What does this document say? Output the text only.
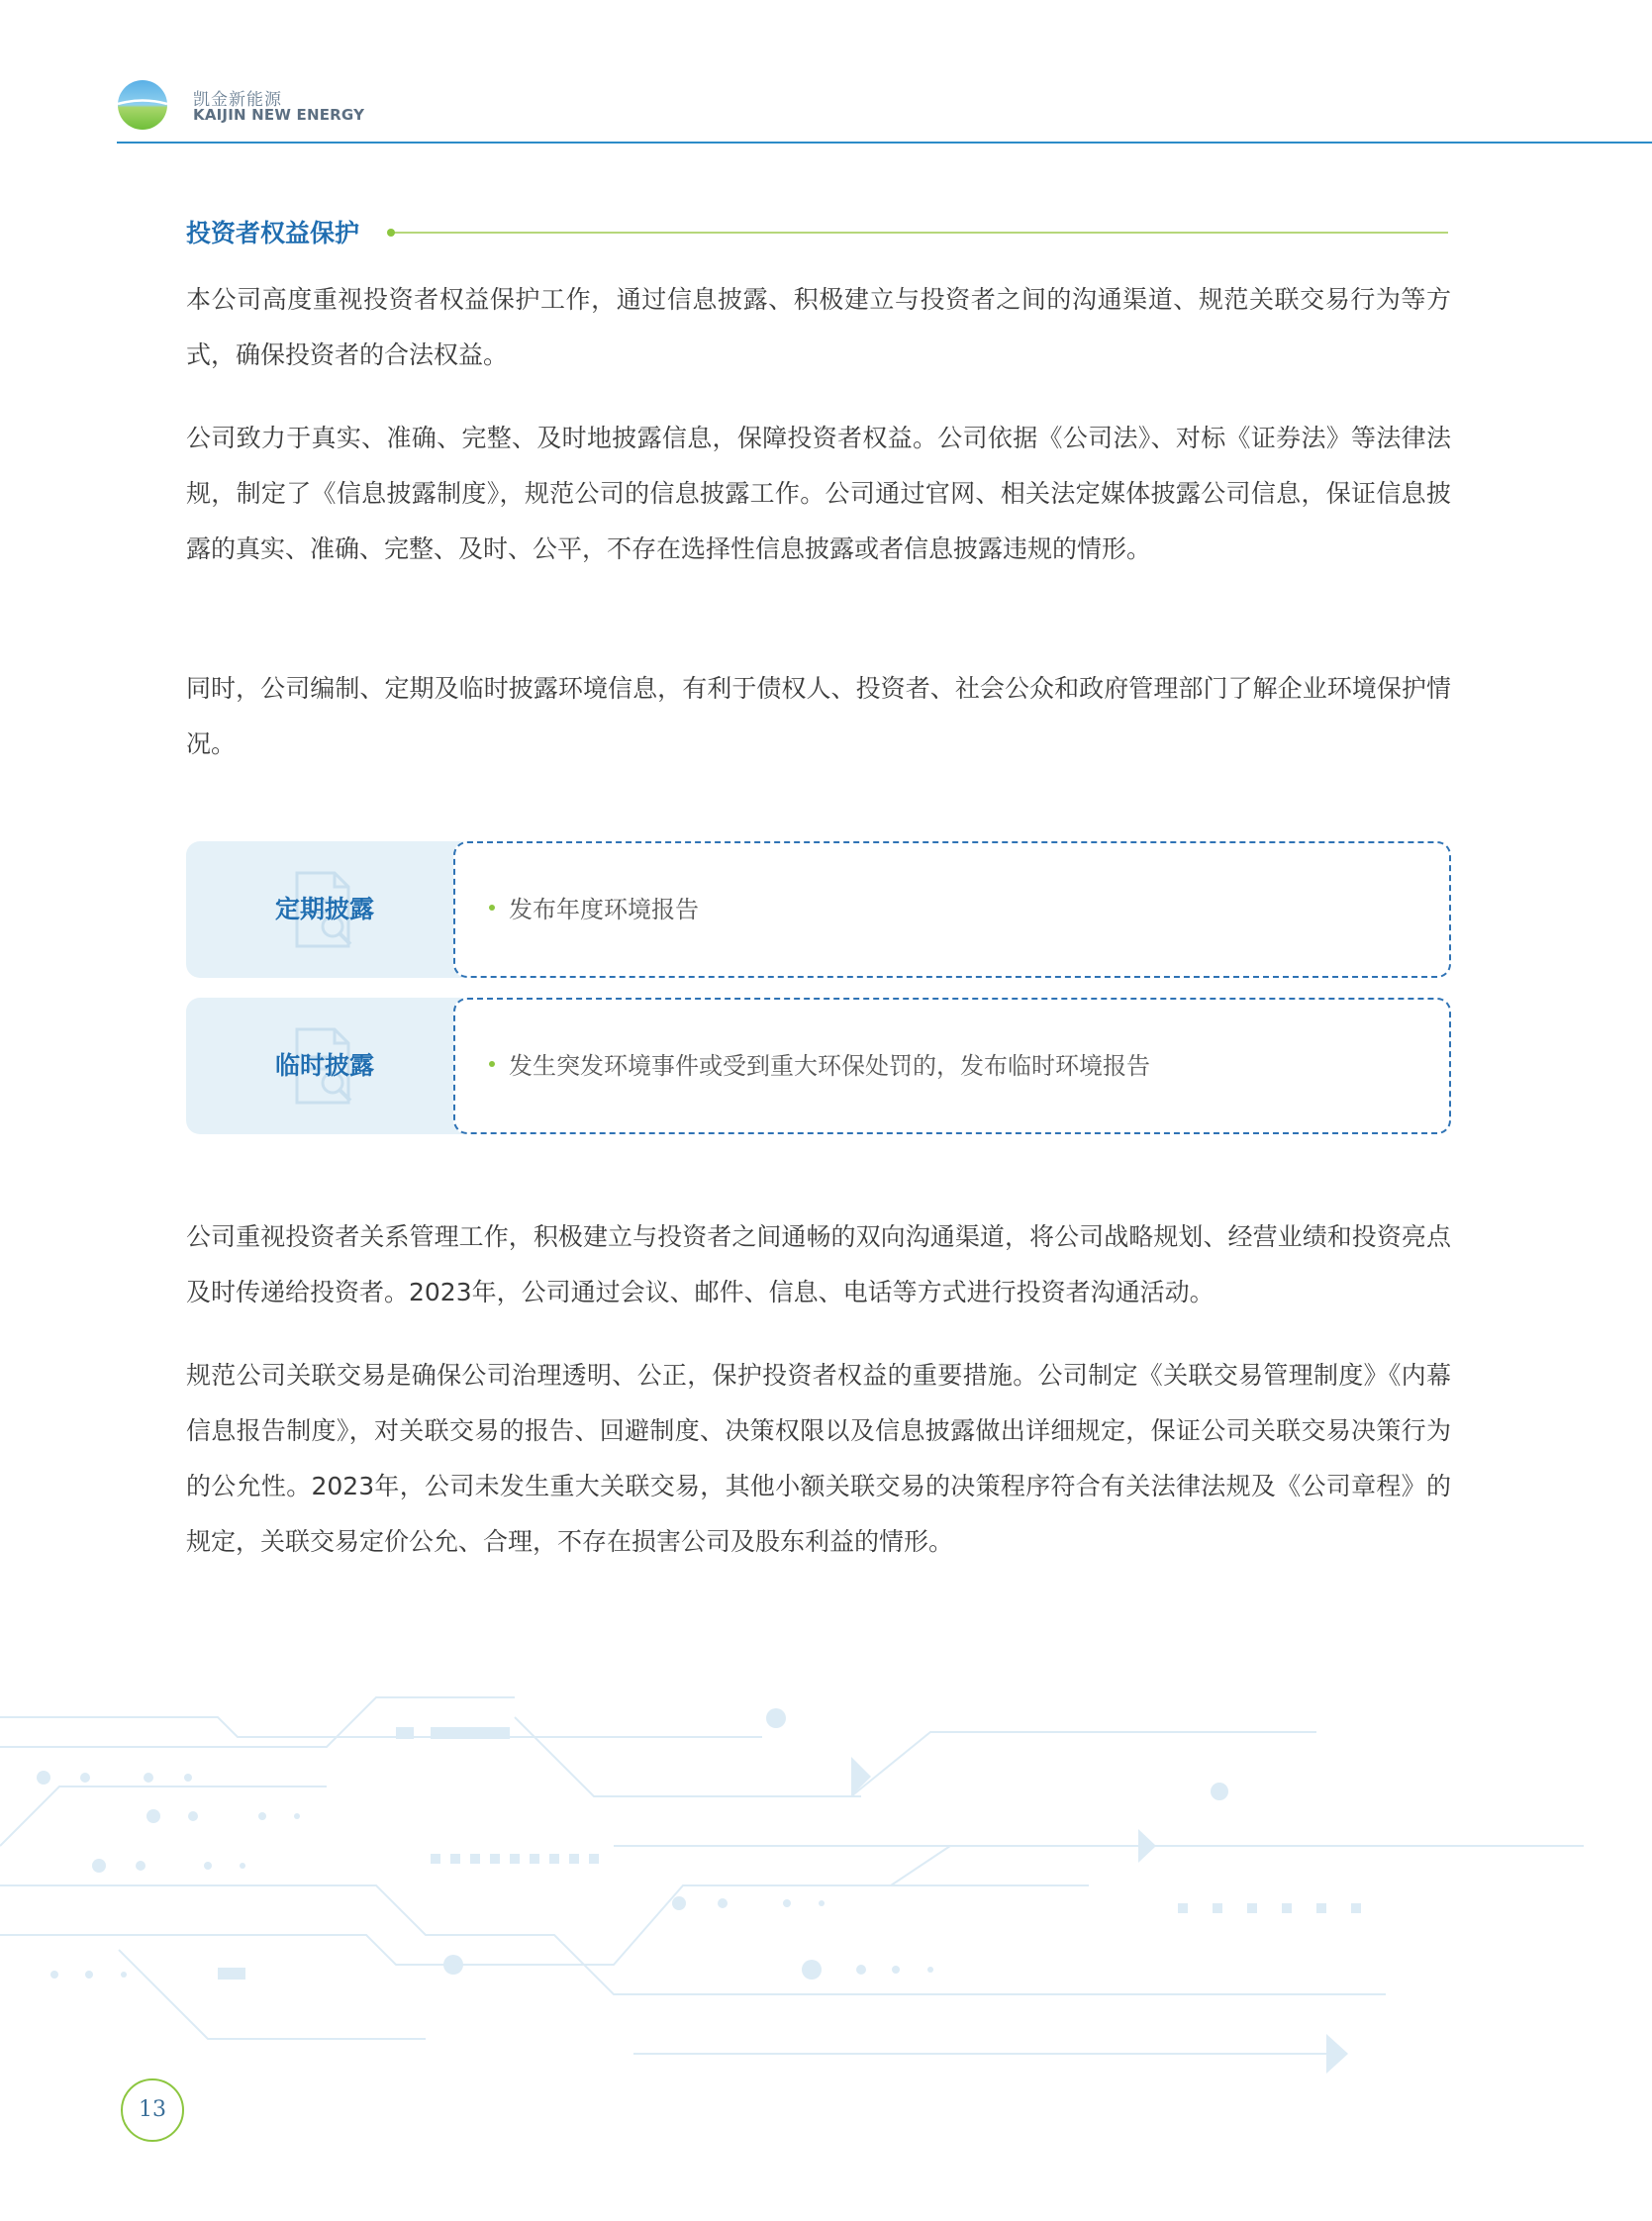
凯金新能源
KAIJIN NEW ENERGY
投资者权益保护

本公司高度重视投资者权益保护工作，通过信息披露、积极建立与投资者之间的沟通渠道、规范关联交易行为等方式，确保投资者的合法权益。

公司致力于真实、准确、完整、及时地披露信息，保障投资者权益。公司依据《公司法》、对标《证券法》等法律法规，制定了《信息披露制度》，规范公司的信息披露工作。公司通过官网、相关法定媒体披露公司信息，保证信息披露的真实、准确、完整、及时、公平，不存在选择性信息披露或者信息披露违规的情形。

同时，公司编制、定期及临时披露环境信息，有利于债权人、投资者、社会公众和政府管理部门了解企业环境保护情况。

定期披露	发布年度环境报告
临时披露	发生突发环境事件或受到重大环保处罚的，发布临时环境报告

公司重视投资者关系管理工作，积极建立与投资者之间通畅的双向沟通渠道，将公司战略规划、经营业绩和投资亮点及时传递给投资者。2023年，公司通过会议、邮件、信息、电话等方式进行投资者沟通活动。

规范公司关联交易是确保公司治理透明、公正，保护投资者权益的重要措施。公司制定《关联交易管理制度》《内幕信息报告制度》，对关联交易的报告、回避制度、决策权限以及信息披露做出详细规定，保证公司关联交易决策行为的公允性。2023年，公司未发生重大关联交易，其他小额关联交易的决策程序符合有关法律法规及《公司章程》的规定，关联交易定价公允、合理，不存在损害公司及股东利益的情形。

13
